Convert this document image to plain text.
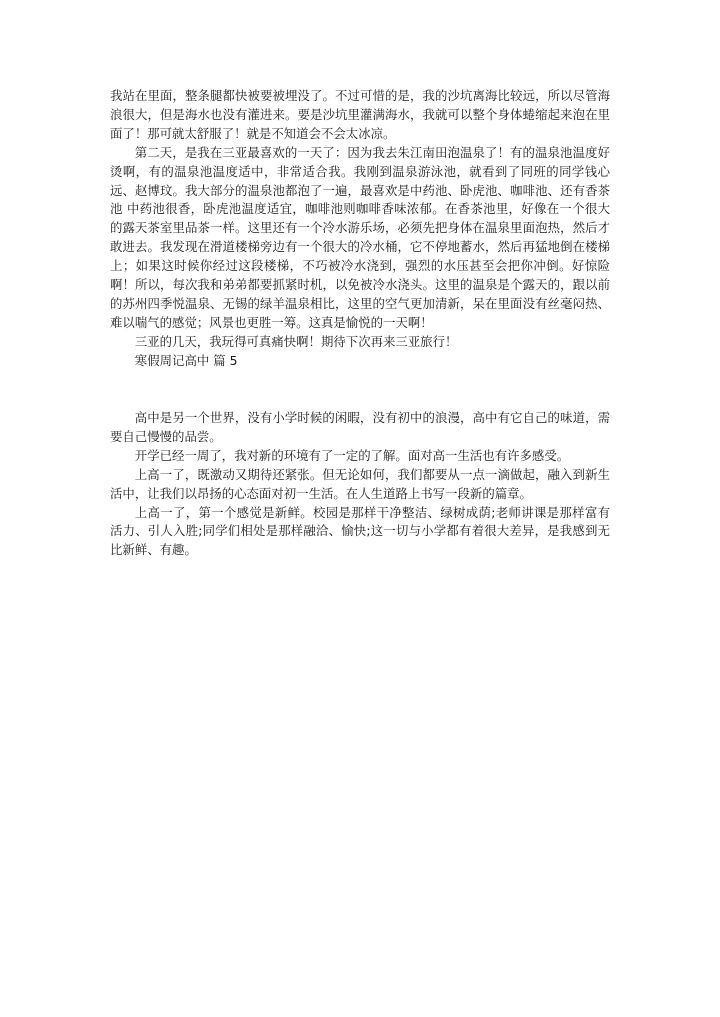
我站在里面，整条腿都快被要被埋没了。不过可惜的是，我的沙坑离海比较远，所以尽管海浪很大，但是海水也没有灌进来。要是沙坑里灌满海水，我就可以整个身体蜷缩起来泡在里面了！那可就太舒服了！就是不知道会不会太冰凉。

第二天，是我在三亚最喜欢的一天了：因为我去朱江南田泡温泉了！有的温泉池温度好烫啊，有的温泉池温度适中，非常适合我。我刚到温泉游泳池，就看到了同班的同学钱心远、赵博玟。我大部分的温泉池都泡了一遍，最喜欢是中药池、卧虎池、咖啡池、还有香茶池 中药池很香，卧虎池温度适宜，咖啡池则咖啡香味浓郁。在香茶池里，好像在一个很大的露天茶室里品茶一样。这里还有一个冷水游乐场，必须先把身体在温泉里面泡热，然后才敢进去。我发现在滑道楼梯旁边有一个很大的冷水桶，它不停地蓄水，然后再猛地倒在楼梯上；如果这时候你经过这段楼梯，不巧被冷水浇到，强烈的水压甚至会把你冲倒。好惊险啊！所以，每次我和弟弟都要抓紧时机，以免被冷水浇头。这里的温泉是个露天的，跟以前的苏州四季悦温泉、无锡的绿羊温泉相比，这里的空气更加清新，呆在里面没有丝毫闷热、难以喘气的感觉；风景也更胜一筹。这真是愉悦的一天啊！

三亚的几天，我玩得可真痛快啊！期待下次再来三亚旅行！

寒假周记高中 篇 5

高中是另一个世界，没有小学时候的闲暇，没有初中的浪漫，高中有它自己的味道，需要自己慢慢的品尝。

开学已经一周了，我对新的环境有了一定的了解。面对高一生活也有许多感受。

上高一了，既激动又期待还紧张。但无论如何，我们都要从一点一滴做起，融入到新生活中，让我们以昂扬的心态面对初一生活。在人生道路上书写一段新的篇章。

上高一了，第一个感觉是新鲜。校园是那样干净整洁、绿树成荫;老师讲课是那样富有活力、引人入胜;同学们相处是那样融洽、愉快;这一切与小学都有着很大差异，是我感到无比新鲜、有趣。
